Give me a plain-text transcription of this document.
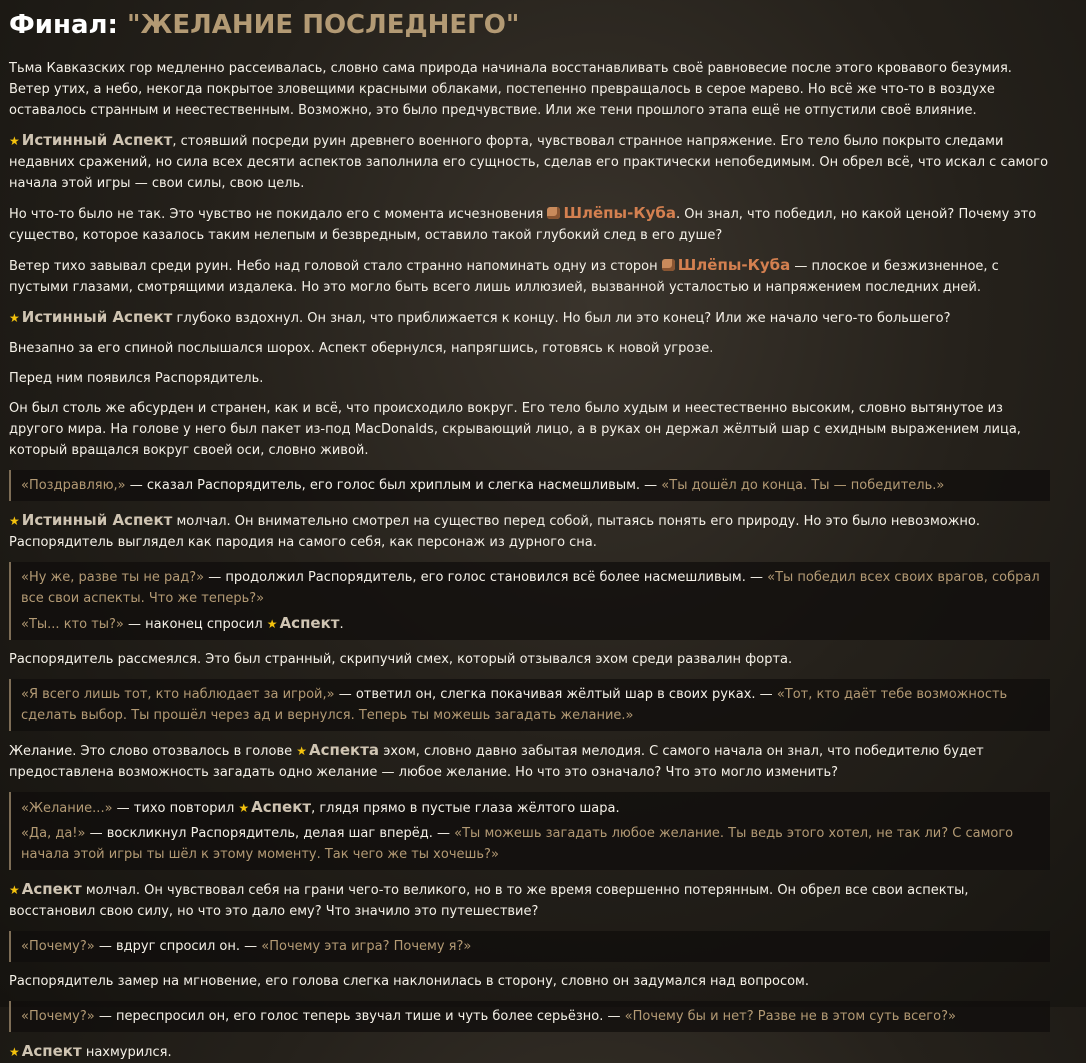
Финал: "ЖЕЛАНИЕ ПОСЛЕДНЕГО"

Тьма Кавказских гор медленно рассеивалась, словно сама природа начинала восстанавливать своё равновесие после этого кровавого безумия. Ветер утих, а небо, некогда покрытое зловещими красными облаками, постепенно превращалось в серое марево. Но всё же что-то в воздухе оставалось странным и неестественным. Возможно, это было предчувствие. Или же тени прошлого этапа ещё не отпустили своё влияние.

★ Истинный Аспект, стоявший посреди руин древнего военного форта, чувствовал странное напряжение. Его тело было покрыто следами недавних сражений, но сила всех десяти аспектов заполнила его сущность, сделав его практически непобедимым. Он обрел всё, что искал с самого начала этой игры — свои силы, свою цель.

Но что-то было не так. Это чувство не покидало его с момента исчезновения Шлёпы-Куба. Он знал, что победил, но какой ценой? Почему это существо, которое казалось таким нелепым и безвредным, оставило такой глубокий след в его душе?

Ветер тихо завывал среди руин. Небо над головой стало странно напоминать одну из сторон Шлёпы-Куба — плоское и безжизненное, с пустыми глазами, смотрящими издалека. Но это могло быть всего лишь иллюзией, вызванной усталостью и напряжением последних дней.

★ Истинный Аспект глубоко вздохнул. Он знал, что приближается к концу. Но был ли это конец? Или же начало чего-то большего?

Внезапно за его спиной послышался шорох. Аспект обернулся, напрягшись, готовясь к новой угрозе.

Перед ним появился Распорядитель.

Он был столь же абсурден и странен, как и всё, что происходило вокруг. Его тело было худым и неестественно высоким, словно вытянутое из другого мира. На голове у него был пакет из-под MacDonalds, скрывающий лицо, а в руках он держал жёлтый шар с ехидным выражением лица, который вращался вокруг своей оси, словно живой.

«Поздравляю,» — сказал Распорядитель, его голос был хриплым и слегка насмешливым. — «Ты дошёл до конца. Ты — победитель.»

★ Истинный Аспект молчал. Он внимательно смотрел на существо перед собой, пытаясь понять его природу. Но это было невозможно. Распорядитель выглядел как пародия на самого себя, как персонаж из дурного сна.

«Ну же, разве ты не рад?» — продолжил Распорядитель, его голос становился всё более насмешливым. — «Ты победил всех своих врагов, собрал все свои аспекты. Что же теперь?»

«Ты... кто ты?» — наконец спросил ★ Аспект.

Распорядитель рассмеялся. Это был странный, скрипучий смех, который отзывался эхом среди развалин форта.

«Я всего лишь тот, кто наблюдает за игрой,» — ответил он, слегка покачивая жёлтый шар в своих руках. — «Тот, кто даёт тебе возможность сделать выбор. Ты прошёл через ад и вернулся. Теперь ты можешь загадать желание.»

Желание. Это слово отозвалось в голове ★ Аспекта эхом, словно давно забытая мелодия. С самого начала он знал, что победителю будет предоставлена возможность загадать одно желание — любое желание. Но что это означало? Что это могло изменить?

«Желание...» — тихо повторил ★ Аспект, глядя прямо в пустые глаза жёлтого шара.

«Да, да!» — воскликнул Распорядитель, делая шаг вперёд. — «Ты можешь загадать любое желание. Ты ведь этого хотел, не так ли? С самого начала этой игры ты шёл к этому моменту. Так чего же ты хочешь?»

★ Аспект молчал. Он чувствовал себя на грани чего-то великого, но в то же время совершенно потерянным. Он обрел все свои аспекты, восстановил свою силу, но что это дало ему? Что значило это путешествие?

«Почему?» — вдруг спросил он. — «Почему эта игра? Почему я?»

Распорядитель замер на мгновение, его голова слегка наклонилась в сторону, словно он задумался над вопросом.

«Почему?» — переспросил он, его голос теперь звучал тише и чуть более серьёзно. — «Почему бы и нет? Разве не в этом суть всего?»

★ Аспект нахмурился.
